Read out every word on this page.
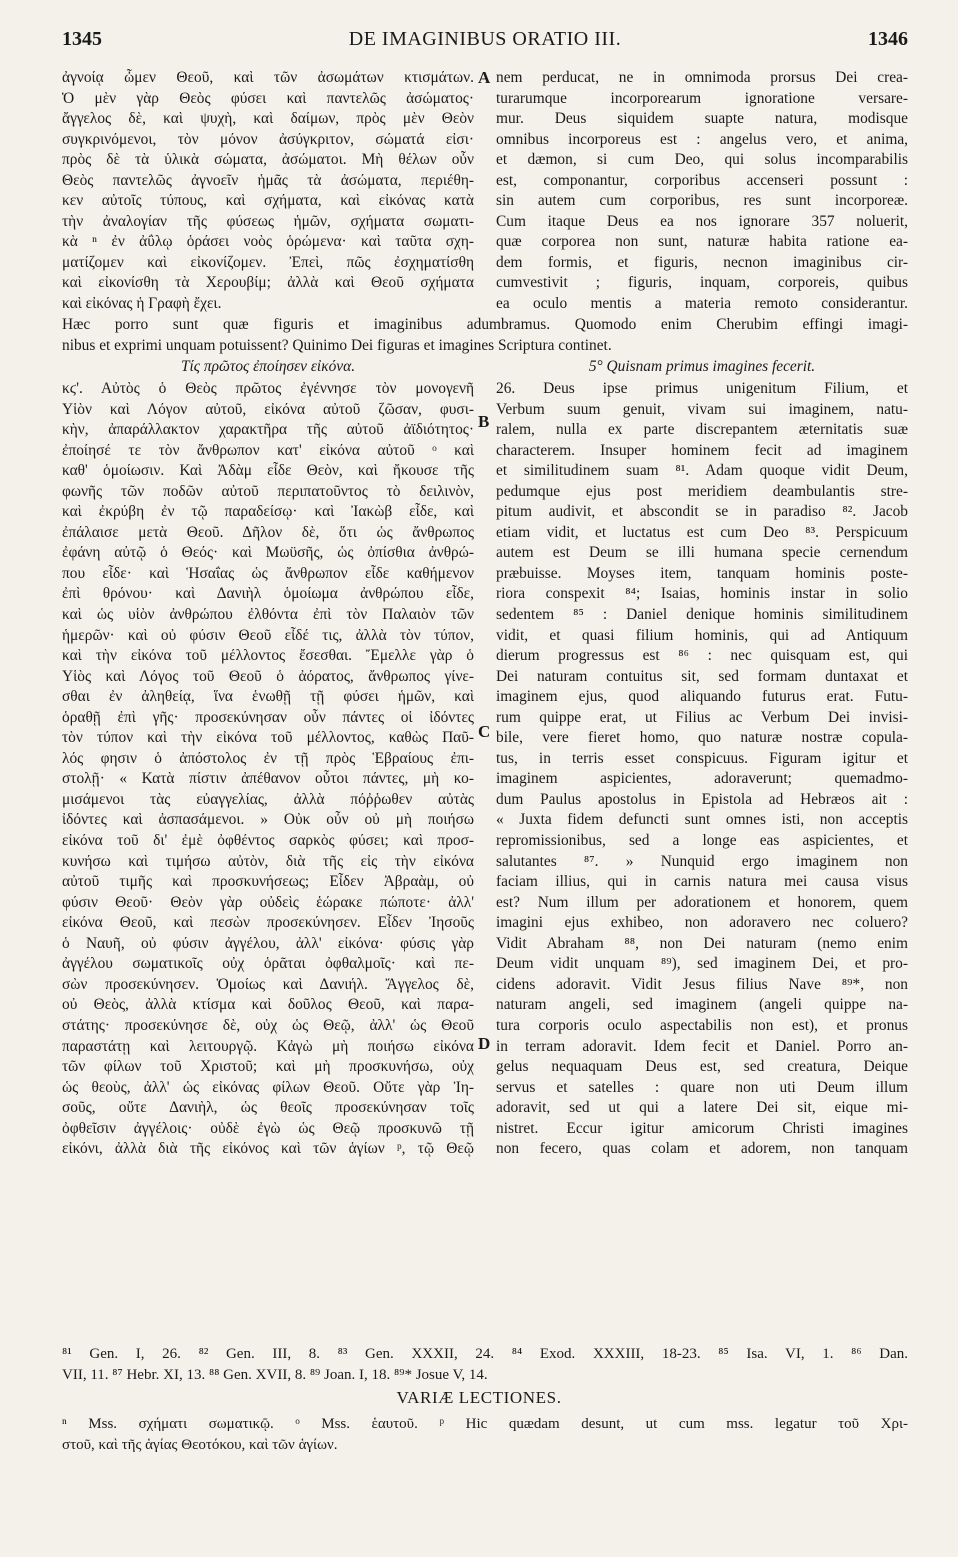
1345	DE IMAGINIBUS ORATIO III.	1346
ἀγνοίᾳ ὦμεν Θεοῦ, καὶ τῶν ἀσωμάτων κτισμάτων.
Ὁ μὲν γὰρ Θεὸς φύσει καὶ παντελῶς ἀσώματος·
ἄγγελος δὲ, καὶ ψυχὴ, καὶ δαίμων, πρὸς μὲν Θεὸν
συγκρινόμενοι, τὸν μόνον ἀσύγκριτον, σώματά εἰσι·
πρὸς δὲ τὰ ὑλικὰ σώματα, ἀσώματοι. Μὴ θέλων οὖν
Θεὸς παντελῶς ἀγνοεῖν ἡμᾶς τὰ ἀσώματα, περιέθη-
κεν αὐτοῖς τύπους, καὶ σχήματα, καὶ εἰκόνας κατὰ
τὴν ἀναλογίαν τῆς φύσεως ἡμῶν, σχήματα σωματι-
κὰ ⁿ ἐν ἀΰλῳ ὁράσει νοὸς ὁρώμενα· καὶ ταῦτα σχη-
ματίζομεν καὶ εἰκονίζομεν. Ἐπεὶ, πῶς ἐσχηματίσθη
καὶ εἰκονίσθη τὰ Χερουβίμ; ἀλλὰ καὶ Θεοῦ σχήματα
καὶ εἰκόνας ἡ Γραφὴ ἔχει.
nem perducat, ne in omnimoda prorsus Dei crea-
turarumque incorporearum ignoratione versare-
mur. Deus siquidem suapte natura, modisque
omnibus incorporeus est : angelus vero, et anima,
et dæmon, si cum Deo, qui solus incomparabilis
est, componantur, corporibus accenseri possunt :
sin autem cum corporibus, res sunt incorporeæ.
Cum itaque Deus ea nos ignorare 357 noluerit,
quæ corporea non sunt, naturæ habita ratione ea-
dem formis, et figuris, necnon imaginibus cir-
cumvestivit ; figuris, inquam, corporeis, quibus
ea oculo mentis a materia remoto considerantur.
Hæc porro sunt quæ figuris et imaginibus adumbramus. Quomodo enim Cherubim effingi imagi-
nibus et exprimi unquam potuissent? Quinimo Dei figuras et imagines Scriptura continet.
Τίς πρῶτος ἐποίησεν εἰκόνα.	5° Quisnam primus imagines fecerit.
κϛ'. Αὐτὸς ὁ Θεὸς πρῶτος ἐγέννησε τὸν μονογενῆ
Υἱὸν καὶ Λόγον αὐτοῦ, εἰκόνα αὐτοῦ ζῶσαν, φυσι-
κὴν, ἀπαράλλακτον χαρακτῆρα τῆς αὐτοῦ ἀϊδιότητος·
ἐποίησέ τε τὸν ἄνθρωπον κατ' εἰκόνα αὐτοῦ ᵒ καὶ
καθ' ὁμοίωσιν. Καὶ Ἀδὰμ εἶδε Θεὸν, καὶ ἤκουσε τῆς
φωνῆς τῶν ποδῶν αὐτοῦ περιπατοῦντος τὸ δειλινὸν,
καὶ ἐκρύβη ἐν τῷ παραδείσῳ· καὶ Ἰακὼβ εἶδε, καὶ
ἐπάλαισε μετὰ Θεοῦ. Δῆλον δὲ, ὅτι ὡς ἄνθρωπος
ἐφάνη αὐτῷ ὁ Θεός· καὶ Μωϋσῆς, ὡς ὀπίσθια ἀνθρώ-
που εἶδε· καὶ Ἡσαΐας ὡς ἄνθρωπον εἶδε καθήμενον
ἐπὶ θρόνου· καὶ Δανιὴλ ὁμοίωμα ἀνθρώπου εἶδε,
καὶ ὡς υἱὸν ἀνθρώπου ἐλθόντα ἐπὶ τὸν Παλαιὸν τῶν
ἡμερῶν· καὶ οὐ φύσιν Θεοῦ εἶδέ τις, ἀλλὰ τὸν τύπον,
καὶ τὴν εἰκόνα τοῦ μέλλοντος ἔσεσθαι. Ἔμελλε γὰρ ὁ
Υἱὸς καὶ Λόγος τοῦ Θεοῦ ὁ ἀόρατος, ἄνθρωπος γίνε-
σθαι ἐν ἀληθείᾳ, ἵνα ἑνωθῇ τῇ φύσει ἡμῶν, καὶ
ὁραθῇ ἐπὶ γῆς· προσεκύνησαν οὖν πάντες οἱ ἰδόντες
τὸν τύπον καὶ τὴν εἰκόνα τοῦ μέλλοντος, καθὼς Παῦ-
λός φησιν ὁ ἀπόστολος ἐν τῇ πρὸς Ἑβραίους ἐπι-
στολῇ· « Κατὰ πίστιν ἀπέθανον οὗτοι πάντες, μὴ κο-
μισάμενοι τὰς εὐαγγελίας, ἀλλὰ πόῤῥωθεν αὐτὰς
ἰδόντες καὶ ἀσπασάμενοι. » Οὐκ οὖν οὐ μὴ ποιήσω
εἰκόνα τοῦ δι' ἐμὲ ὀφθέντος σαρκὸς φύσει; καὶ προσ-
κυνήσω καὶ τιμήσω αὐτὸν, διὰ τῆς εἰς τὴν εἰκόνα
αὐτοῦ τιμῆς καὶ προσκυνήσεως; Εἶδεν Ἀβραὰμ, οὐ
φύσιν Θεοῦ· Θεὸν γὰρ οὐδεὶς ἑώρακε πώποτε· ἀλλ'
εἰκόνα Θεοῦ, καὶ πεσὼν προσεκύνησεν. Εἶδεν Ἰησοῦς
ὁ Ναυῆ, οὐ φύσιν ἀγγέλου, ἀλλ' εἰκόνα· φύσις γὰρ
ἀγγέλου σωματικοῖς οὐχ ὁρᾶται ὀφθαλμοῖς· καὶ πε-
σὼν προσεκύνησεν. Ὁμοίως καὶ Δανιήλ. Ἄγγελος δὲ,
οὐ Θεὸς, ἀλλὰ κτίσμα καὶ δοῦλος Θεοῦ, καὶ παρα-
στάτης· προσεκύνησε δὲ, οὐχ ὡς Θεῷ, ἀλλ' ὡς Θεοῦ
παραστάτῃ καὶ λειτουργῷ. Κἀγὼ μὴ ποιήσω εἰκόνα
τῶν φίλων τοῦ Χριστοῦ; καὶ μὴ προσκυνήσω, οὐχ
ὡς θεοὺς, ἀλλ' ὡς εἰκόνας φίλων Θεοῦ. Οὔτε γὰρ Ἰη-
σοῦς, οὔτε Δανιὴλ, ὡς θεοῖς προσεκύνησαν τοῖς
ὀφθεῖσιν ἀγγέλοις· οὐδὲ ἐγὼ ὡς Θεῷ προσκυνῶ τῇ
εἰκόνι, ἀλλὰ διὰ τῆς εἰκόνος καὶ τῶν ἁγίων ᵖ, τῷ Θεῷ
26. Deus ipse primus unigenitum Filium, et
Verbum suum genuit, vivam sui imaginem, natu-
ralem, nulla ex parte discrepantem æternitatis suæ
characterem. Insuper hominem fecit ad imaginem
et similitudinem suam ⁸¹. Adam quoque vidit Deum,
pedumque ejus post meridiem deambulantis stre-
pitum audivit, et abscondit se in paradiso ⁸². Jacob
etiam vidit, et luctatus est cum Deo ⁸³. Perspicuum
autem est Deum se illi humana specie cernendum
præbuisse. Moyses item, tanquam hominis poste-
riora conspexit ⁸⁴; Isaias, hominis instar in solio
sedentem ⁸⁵ : Daniel denique hominis similitudinem
vidit, et quasi filium hominis, qui ad Antiquum
dierum progressus est ⁸⁶ : nec quisquam est, qui
Dei naturam contuitus sit, sed formam duntaxat et
imaginem ejus, quod aliquando futurus erat. Futu-
rum quippe erat, ut Filius ac Verbum Dei invisi-
bile, vere fieret homo, quo naturæ nostræ copula-
tus, in terris esset conspicuus. Figuram igitur et
imaginem aspicientes, adoraverunt; quemadmo-
dum Paulus apostolus in Epistola ad Hebræos ait :
« Juxta fidem defuncti sunt omnes isti, non acceptis
repromissionibus, sed a longe eas aspicientes, et
salutantes ⁸⁷. » Nunquid ergo imaginem non
faciam illius, qui in carnis natura mei causa visus
est? Num illum per adorationem et honorem, quem
imagini ejus exhibeo, non adoravero nec coluero?
Vidit Abraham ⁸⁸, non Dei naturam (nemo enim
Deum vidit unquam ⁸⁹), sed imaginem Dei, et pro-
cidens adoravit. Vidit Jesus filius Nave ⁸⁹*, non
naturam angeli, sed imaginem (angeli quippe na-
tura corporis oculo aspectabilis non est), et pronus
in terram adoravit. Idem fecit et Daniel. Porro an-
gelus nequaquam Deus est, sed creatura, Deique
servus et satelles : quare non uti Deum illum
adoravit, sed ut qui a latere Dei sit, eique mi-
nistret. Eccur igitur amicorum Christi imagines
non fecero, quas colam et adorem, non tanquam
A
B
C
D
⁸¹ Gen. I, 26. ⁸² Gen. III, 8. ⁸³ Gen. XXXII, 24. ⁸⁴ Exod. XXXIII, 18-23. ⁸⁵ Isa. VI, 1. ⁸⁶ Dan.
VII, 11. ⁸⁷ Hebr. XI, 13. ⁸⁸ Gen. XVII, 8. ⁸⁹ Joan. I, 18. ⁸⁹* Josue V, 14.
VARIÆ LECTIONES.
ⁿ Mss. σχήματι σωματικῷ. ᵒ Mss. ἑαυτοῦ. ᵖ Hic quædam desunt, ut cum mss. legatur τοῦ Χρι-
στοῦ, καὶ τῆς ἁγίας Θεοτόκου, καὶ τῶν ἁγίων.
